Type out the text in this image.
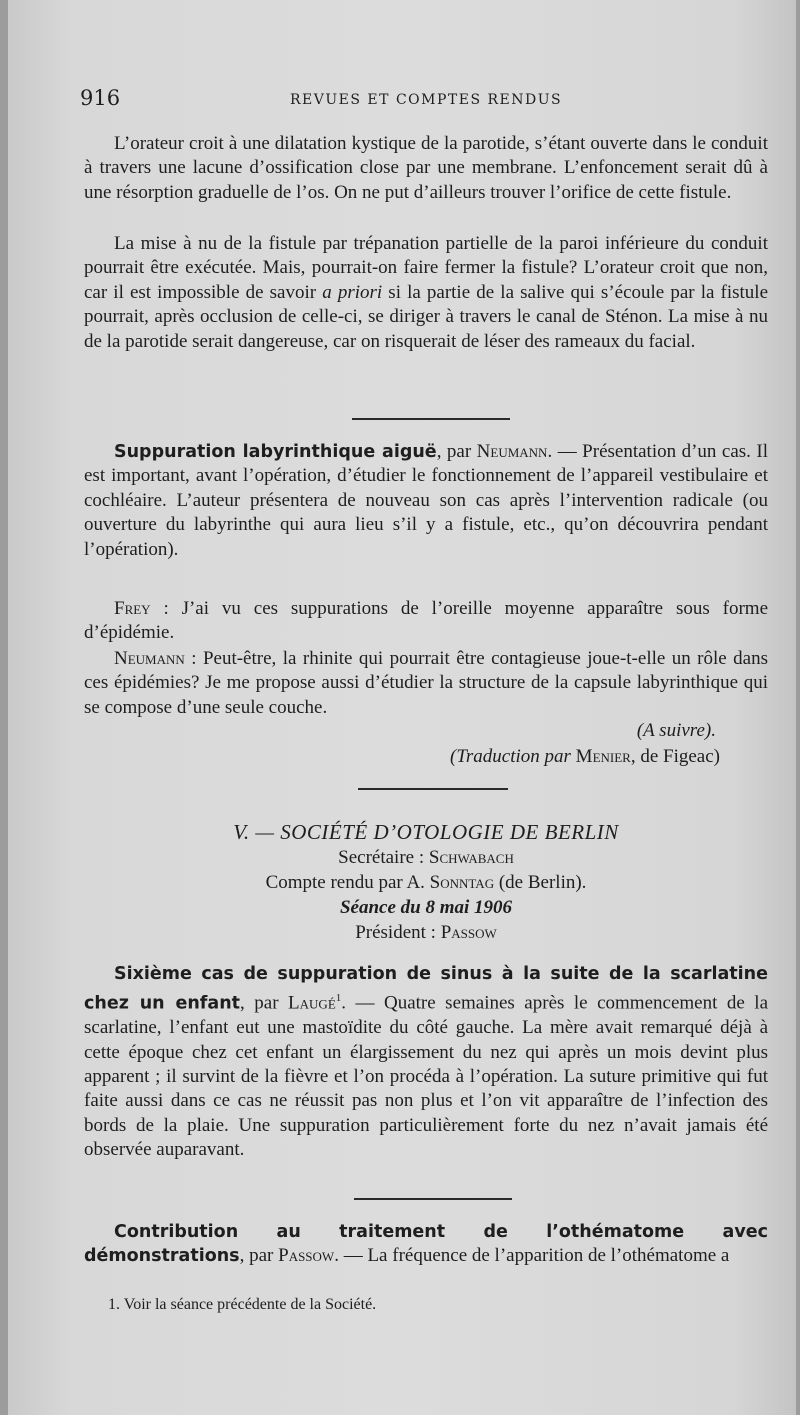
916	REVUES ET COMPTES RENDUS
L’orateur croit à une dilatation kystique de la parotide, s’étant ouverte dans le conduit à travers une lacune d’ossification close par une membrane. L’enfoncement serait dû à une résorption graduelle de l’os. On ne put d’ailleurs trouver l’orifice de cette fistule.
La mise à nu de la fistule par trépanation partielle de la paroi inférieure du conduit pourrait être exécutée. Mais, pourrait-on faire fermer la fistule? L’orateur croit que non, car il est impossible de savoir a priori si la partie de la salive qui s’écoule par la fistule pourrait, après occlusion de celle-ci, se diriger à travers le canal de Sténon. La mise à nu de la parotide serait dangereuse, car on risquerait de léser des rameaux du facial.
Suppuration labyrinthique aiguë, par Neumann. — Présentation d’un cas. Il est important, avant l’opération, d’étudier le fonctionnement de l’appareil vestibulaire et cochléaire. L’auteur présentera de nouveau son cas après l’intervention radicale (ou ouverture du labyrinthe qui aura lieu s’il y a fistule, etc., qu’on découvrira pendant l’opération).
Frey : J’ai vu ces suppurations de l’oreille moyenne apparaître sous forme d’épidémie.
Neumann : Peut-être, la rhinite qui pourrait être contagieuse joue-t-elle un rôle dans ces épidémies? Je me propose aussi d’étudier la structure de la capsule labyrinthique qui se compose d’une seule couche.
(A suivre).
(Traduction par Menier, de Figeac)
V. — SOCIÉTÉ D’OTOLOGIE DE BERLIN
Secrétaire : Schwabach
Compte rendu par A. Sonntag (de Berlin).
Séance du 8 mai 1906
Président : Passow
Sixième cas de suppuration de sinus à la suite de la scarlatine chez un enfant, par Laugé$^1$. — Quatre semaines après le commencement de la scarlatine, l’enfant eut une mastoïdite du côté gauche. La mère avait remarqué déjà à cette époque chez cet enfant un élargissement du nez qui après un mois devint plus apparent ; il survint de la fièvre et l’on procéda à l’opération. La suture primitive qui fut faite aussi dans ce cas ne réussit pas non plus et l’on vit apparaître de l’infection des bords de la plaie. Une suppuration particulièrement forte du nez n’avait jamais été observée auparavant.
Contribution au traitement de l’othématome avec démonstrations, par Passow. — La fréquence de l’apparition de l’othématome a
1. Voir la séance précédente de la Société.
